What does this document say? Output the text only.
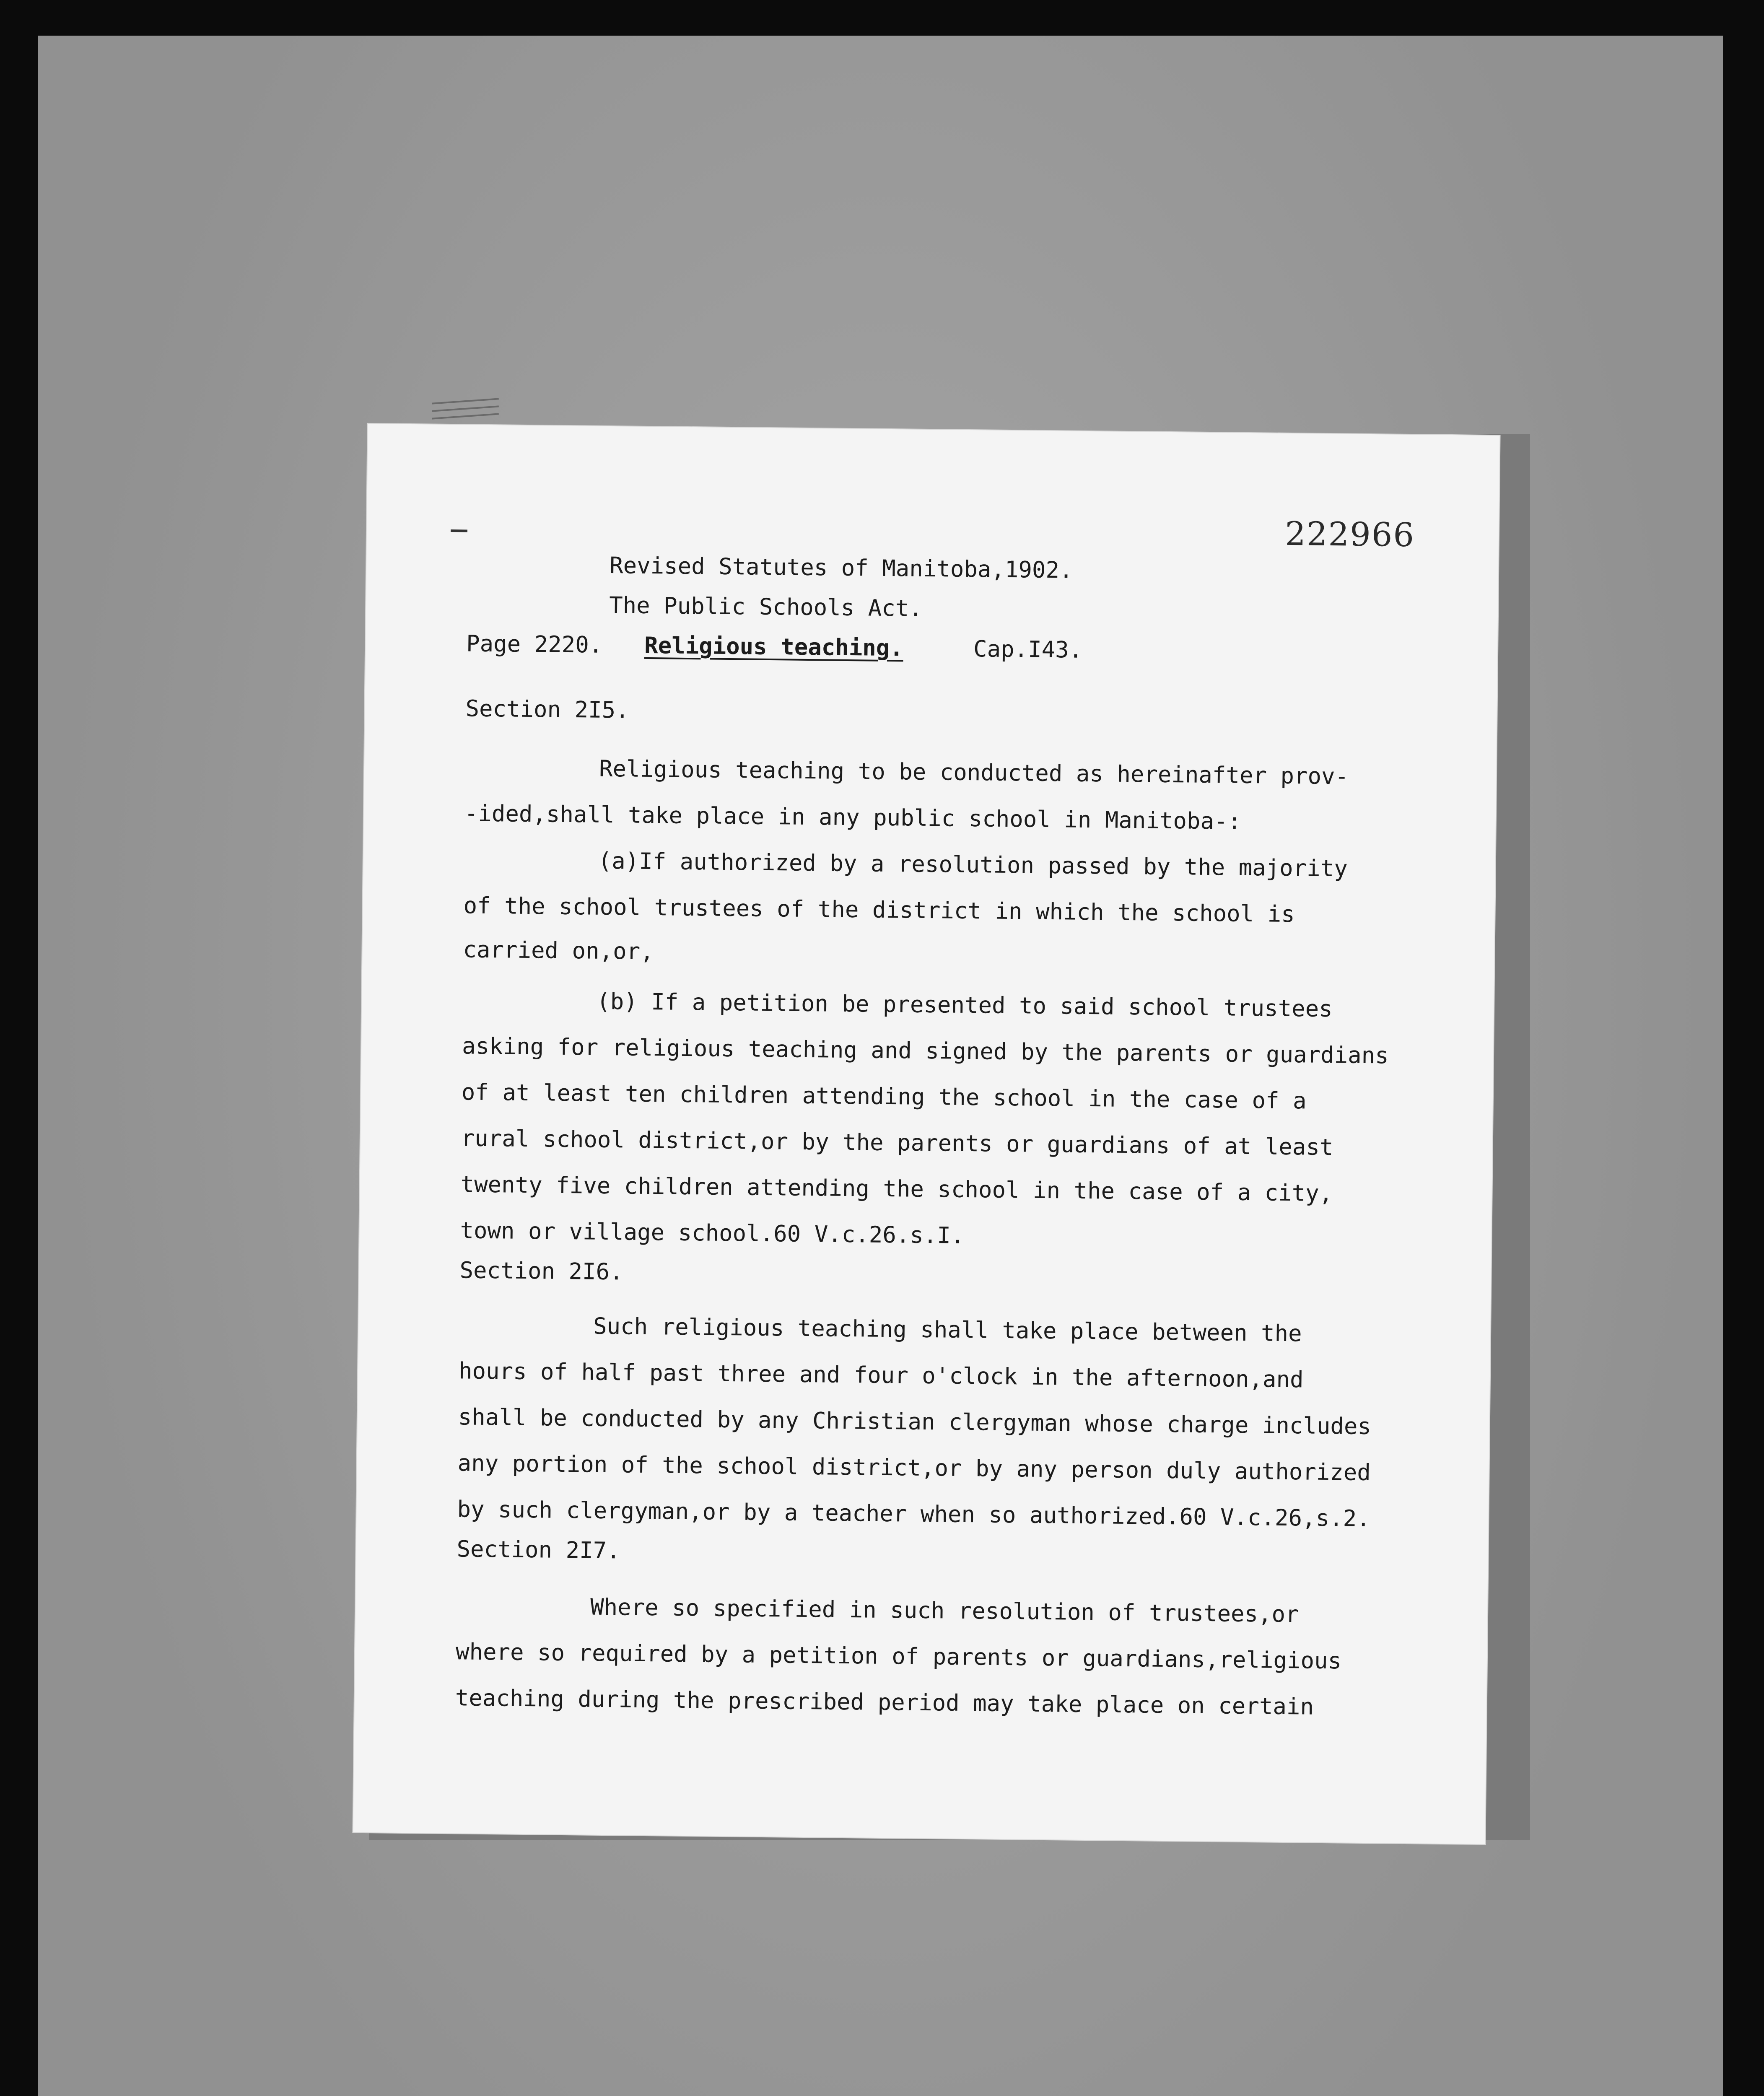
222966
Revised Statutes of Manitoba,1902.
The Public Schools Act.
Page 2220. Religious teaching.	Cap.I43.
Section 2I5.
Religious teaching to be conducted as hereinafter prov-
-ided,shall take place in any public school in Manitoba-:
(a)If authorized by a resolution passed by the majority
of the school trustees of the district in which the school is
carried on,or,
(b) If a petition be presented to said school trustees
asking for religious teaching and signed by the parents or guardians
of at least ten children attending the school in the case of a
rural school district,or by the parents or guardians of at least
twenty five children attending the school in the case of a city,
town or village school.60 V.c.26.s.I.
Section 2I6.
Such religious teaching shall take place between the
hours of half past three and four o'clock in the afternoon,and
shall be conducted by any Christian clergyman whose charge includes
any portion of the school district,or by any person duly authorized
by such clergyman,or by a teacher when so authorized.60 V.c.26,s.2.
Section 2I7.
Where so specified in such resolution of trustees,or
where so required by a petition of parents or guardians,religious
teaching during the prescribed period may take place on certain
